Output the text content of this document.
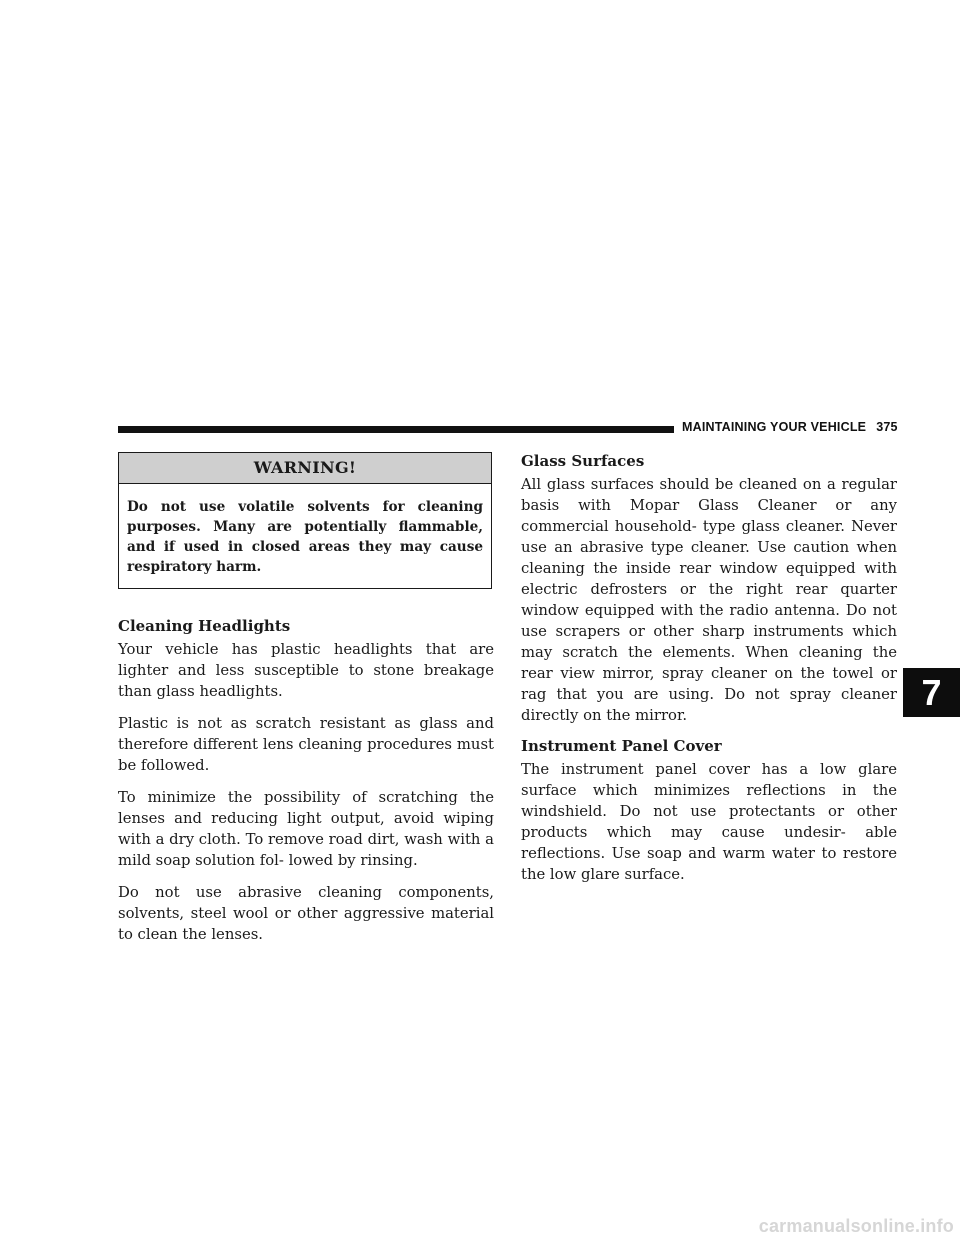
MAINTAINING YOUR VEHICLE 375
WARNING!
Do not use volatile solvents for cleaning purposes. Many are potentially flammable, and if used in closed areas they may cause respiratory harm.
Cleaning Headlights

Your vehicle has plastic headlights that are lighter and less susceptible to stone breakage than glass headlights.

Plastic is not as scratch resistant as glass and therefore different lens cleaning procedures must be followed.

To minimize the possibility of scratching the lenses and reducing light output, avoid wiping with a dry cloth. To remove road dirt, wash with a mild soap solution fol- lowed by rinsing.

Do not use abrasive cleaning components, solvents, steel wool or other aggressive material to clean the lenses.

Glass Surfaces

All glass surfaces should be cleaned on a regular basis with Mopar Glass Cleaner or any commercial household- type glass cleaner. Never use an abrasive type cleaner. Use caution when cleaning the inside rear window equipped with electric defrosters or the right rear quarter window equipped with the radio antenna. Do not use scrapers or other sharp instruments which may scratch the elements. When cleaning the rear view mirror, spray cleaner on the towel or rag that you are using. Do not spray cleaner directly on the mirror.

Instrument Panel Cover

The instrument panel cover has a low glare surface which minimizes reflections in the windshield. Do not use protectants or other products which may cause undesir- able reflections. Use soap and warm water to restore the low glare surface.

7
carmanualsonline.info
